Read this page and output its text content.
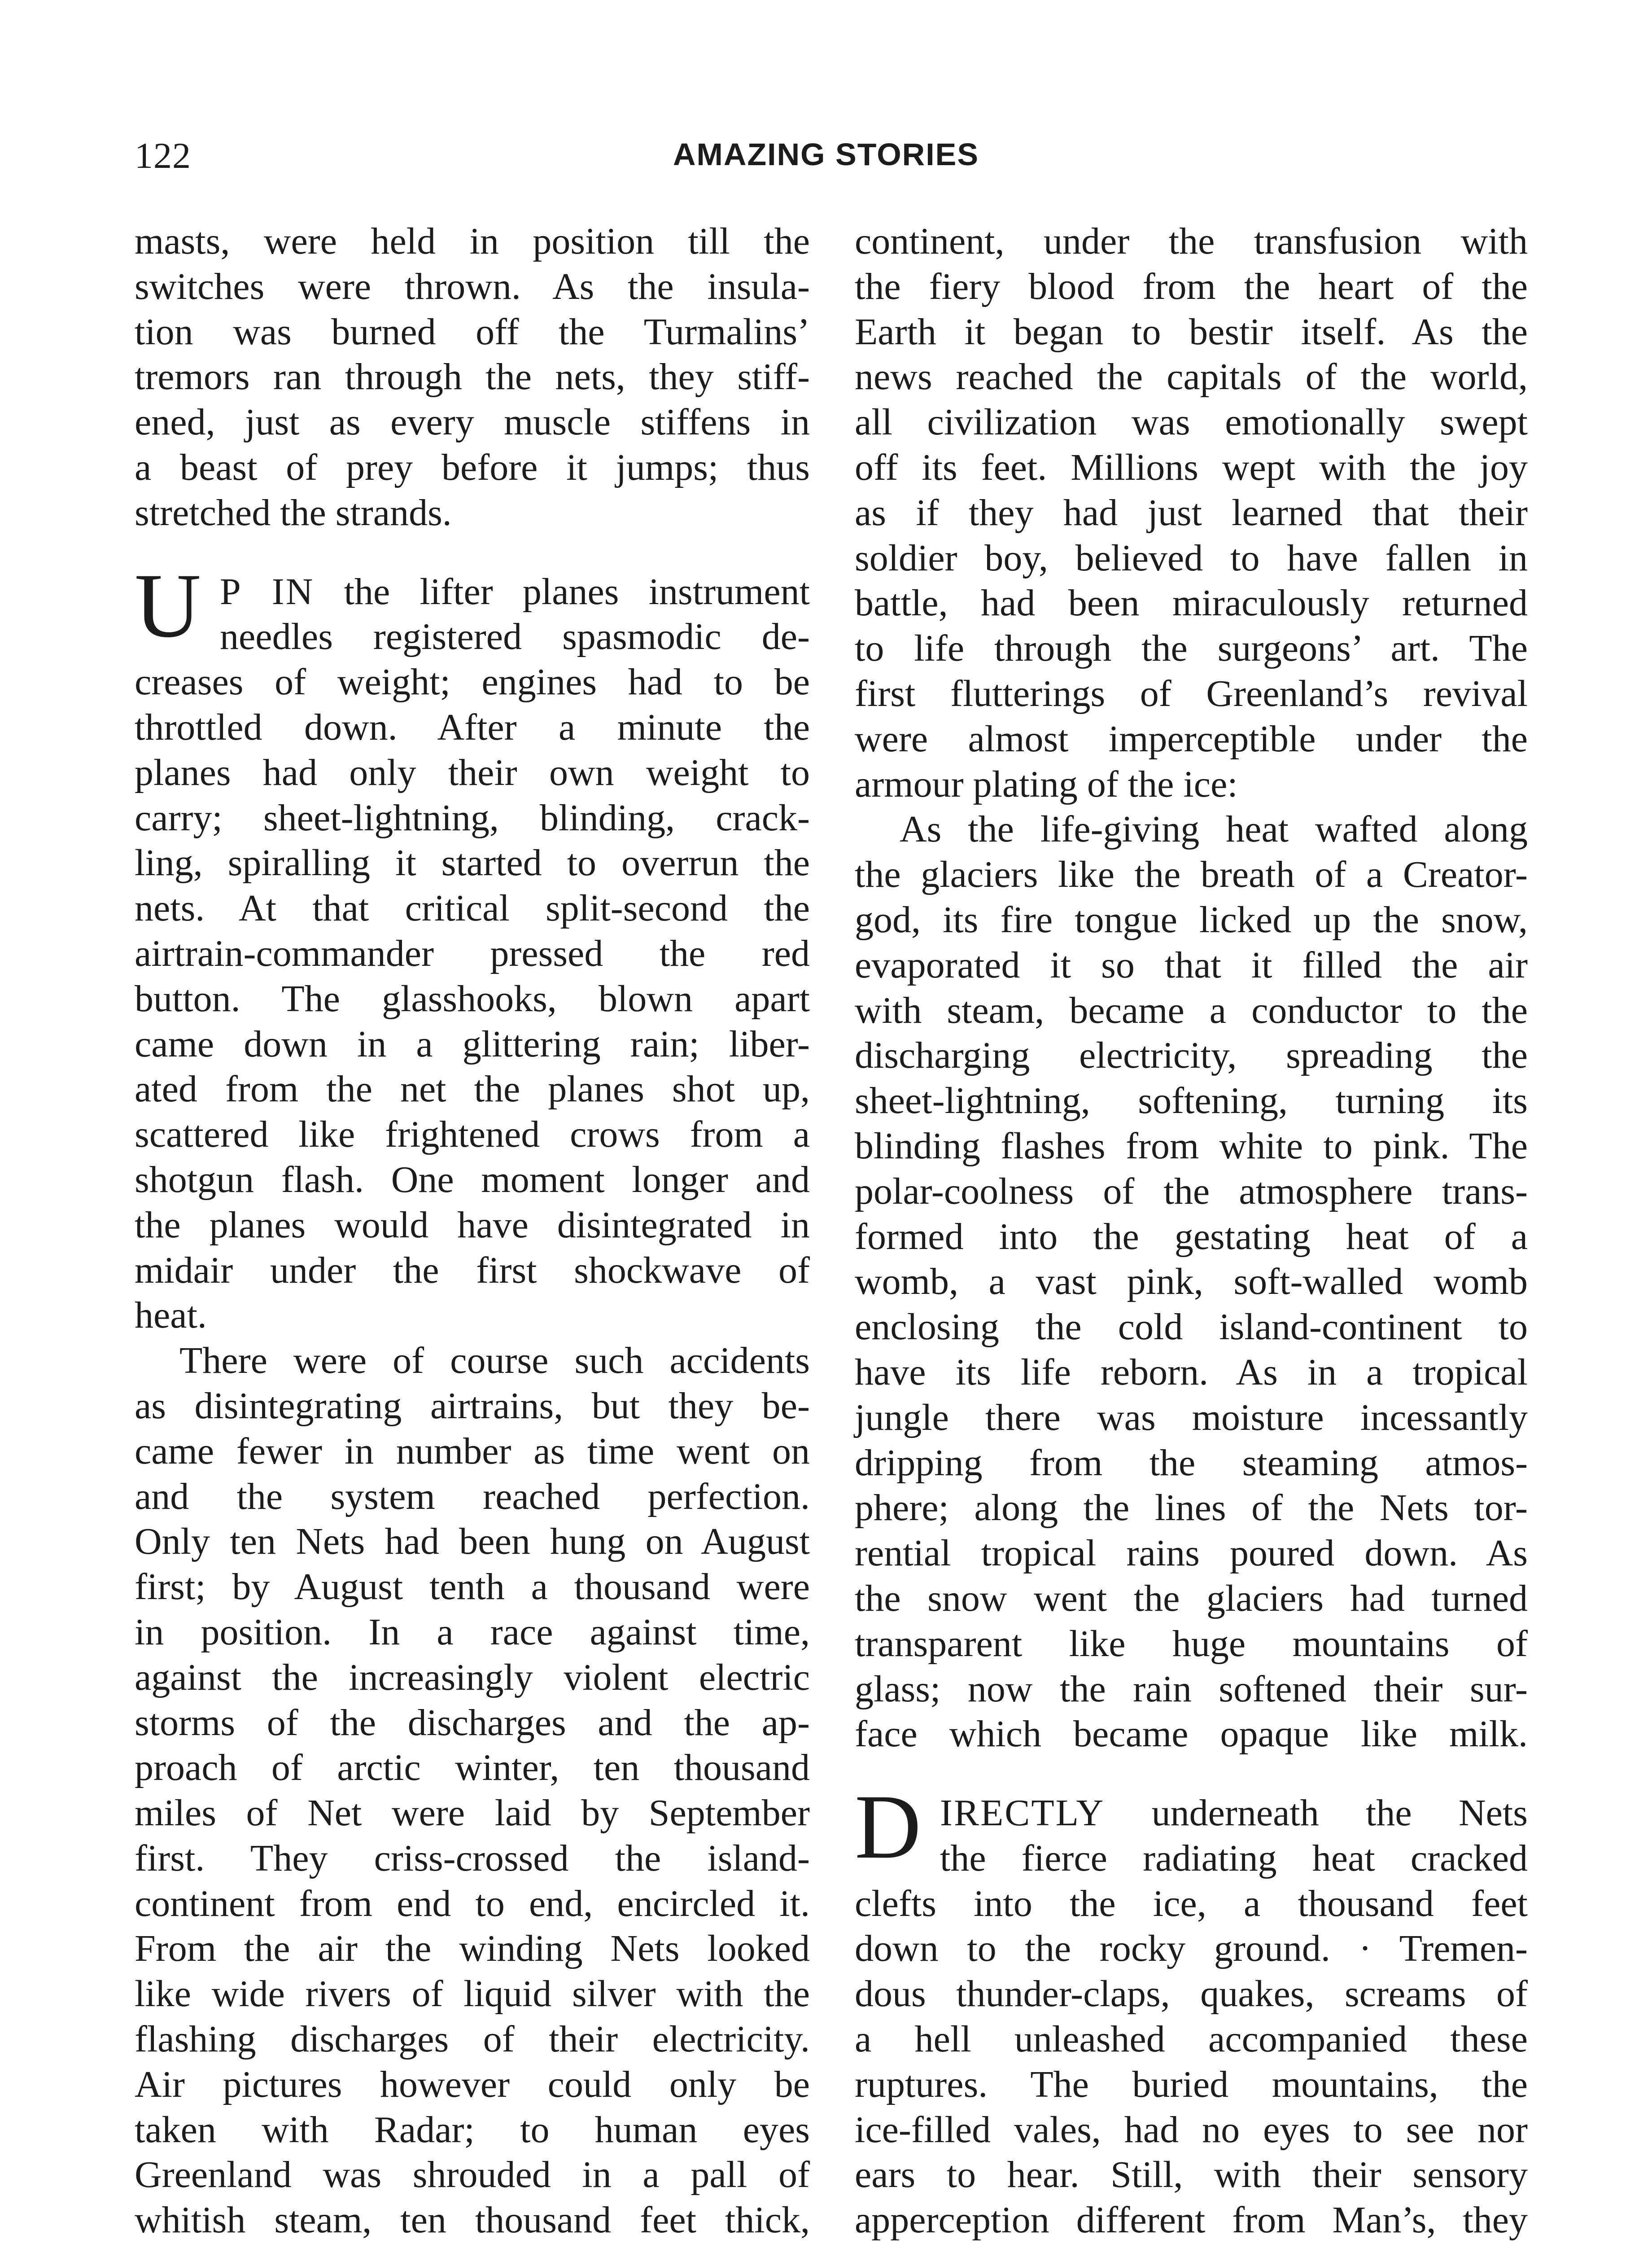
122	AMAZING STORIES
masts, were held in position till the
switches were thrown. As the insula-
tion was burned off the Turmalins’
tremors ran through the nets, they stiff-
ened, just as every muscle stiffens in
a beast of prey before it jumps; thus
stretched the strands.
U P IN the lifter planes instrument
needles registered spasmodic de-
creases of weight; engines had to be
throttled down. After a minute the
planes had only their own weight to
carry; sheet-lightning, blinding, crack-
ling, spiralling it started to overrun the
nets. At that critical split-second the
airtrain-commander pressed the red
button. The glasshooks, blown apart
came down in a glittering rain; liber-
ated from the net the planes shot up,
scattered like frightened crows from a
shotgun flash. One moment longer and
the planes would have disintegrated in
midair under the first shockwave of
heat.
There were of course such accidents
as disintegrating airtrains, but they be-
came fewer in number as time went on
and the system reached perfection.
Only ten Nets had been hung on August
first; by August tenth a thousand were
in position. In a race against time,
against the increasingly violent electric
storms of the discharges and the ap-
proach of arctic winter, ten thousand
miles of Net were laid by September
first. They criss-crossed the island-
continent from end to end, encircled it.
From the air the winding Nets looked
like wide rivers of liquid silver with the
flashing discharges of their electricity.
Air pictures however could only be
taken with Radar; to human eyes
Greenland was shrouded in a pall of
whitish steam, ten thousand feet thick,
continent, under the transfusion with
the fiery blood from the heart of the
Earth it began to bestir itself. As the
news reached the capitals of the world,
all civilization was emotionally swept
off its feet. Millions wept with the joy
as if they had just learned that their
soldier boy, believed to have fallen in
battle, had been miraculously returned
to life through the surgeons’ art. The
first flutterings of Greenland’s revival
were almost imperceptible under the
armour plating of the ice:
As the life-giving heat wafted along
the glaciers like the breath of a Creator-
god, its fire tongue licked up the snow,
evaporated it so that it filled the air
with steam, became a conductor to the
discharging electricity, spreading the
sheet-lightning, softening, turning its
blinding flashes from white to pink. The
polar-coolness of the atmosphere trans-
formed into the gestating heat of a
womb, a vast pink, soft-walled womb
enclosing the cold island-continent to
have its life reborn. As in a tropical
jungle there was moisture incessantly
dripping from the steaming atmos-
phere; along the lines of the Nets tor-
rential tropical rains poured down. As
the snow went the glaciers had turned
transparent like huge mountains of
glass; now the rain softened their sur-
face which became opaque like milk.
D IRECTLY underneath the Nets
the fierce radiating heat cracked
clefts into the ice, a thousand feet
down to the rocky ground. · Tremen-
dous thunder-claps, quakes, screams of
a hell unleashed accompanied these
ruptures. The buried mountains, the
ice-filled vales, had no eyes to see nor
ears to hear. Still, with their sensory
apperception different from Man’s, they
